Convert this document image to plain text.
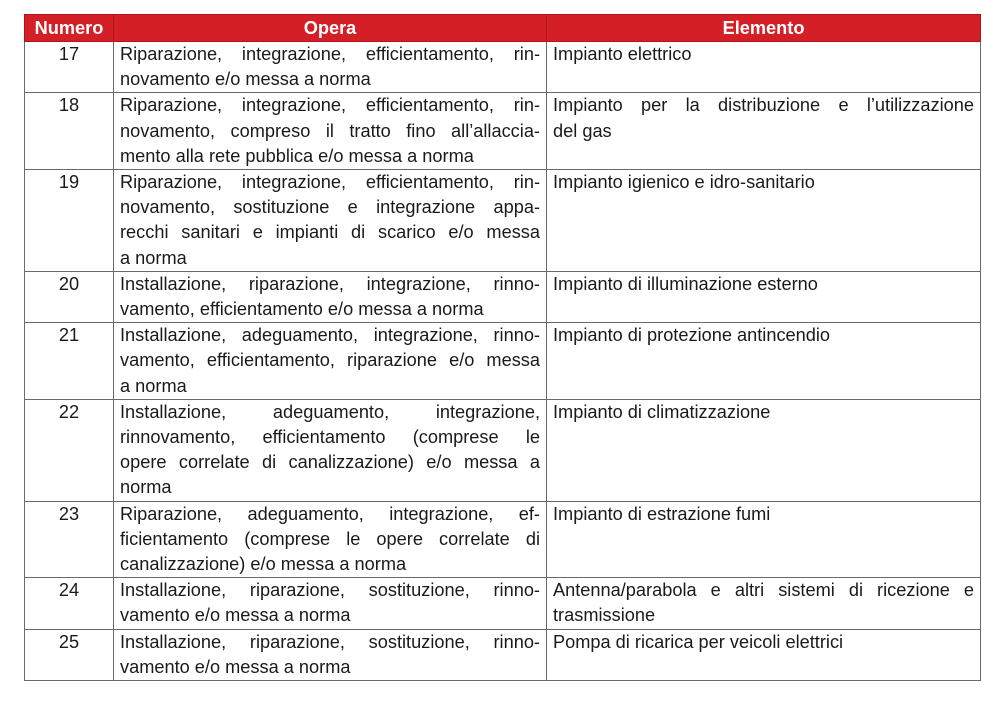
Numero	Opera	Elemento
17	Riparazione, integrazione, efficientamento, rin-
novamento e/o messa a norma	Impianto elettrico

18	Riparazione, integrazione, efficientamento, rin-
novamento, compreso il tratto fino all’allaccia-
mento alla rete pubblica e/o messa a norma	Impianto per la distribuzione e l’utilizzazione
del gas

19	Riparazione, integrazione, efficientamento, rin-
novamento, sostituzione e integrazione appa-
recchi sanitari e impianti di scarico e/o messa
a norma	Impianto igienico e idro-sanitario

20	Installazione, riparazione, integrazione, rinno-
vamento, efficientamento e/o messa a norma	Impianto di illuminazione esterno

21	Installazione, adeguamento, integrazione, rinno-
vamento, efficientamento, riparazione e/o messa
a norma	Impianto di protezione antincendio

22	Installazione, adeguamento, integrazione,
rinnovamento, efficientamento (comprese le
opere correlate di canalizzazione) e/o messa a
norma	Impianto di climatizzazione

23	Riparazione, adeguamento, integrazione, ef-
ficientamento (comprese le opere correlate di
canalizzazione) e/o messa a norma	Impianto di estrazione fumi

24	Installazione, riparazione, sostituzione, rinno-
vamento e/o messa a norma	Antenna/parabola e altri sistemi di ricezione e
trasmissione

25	Installazione, riparazione, sostituzione, rinno-
vamento e/o messa a norma	Pompa di ricarica per veicoli elettrici
